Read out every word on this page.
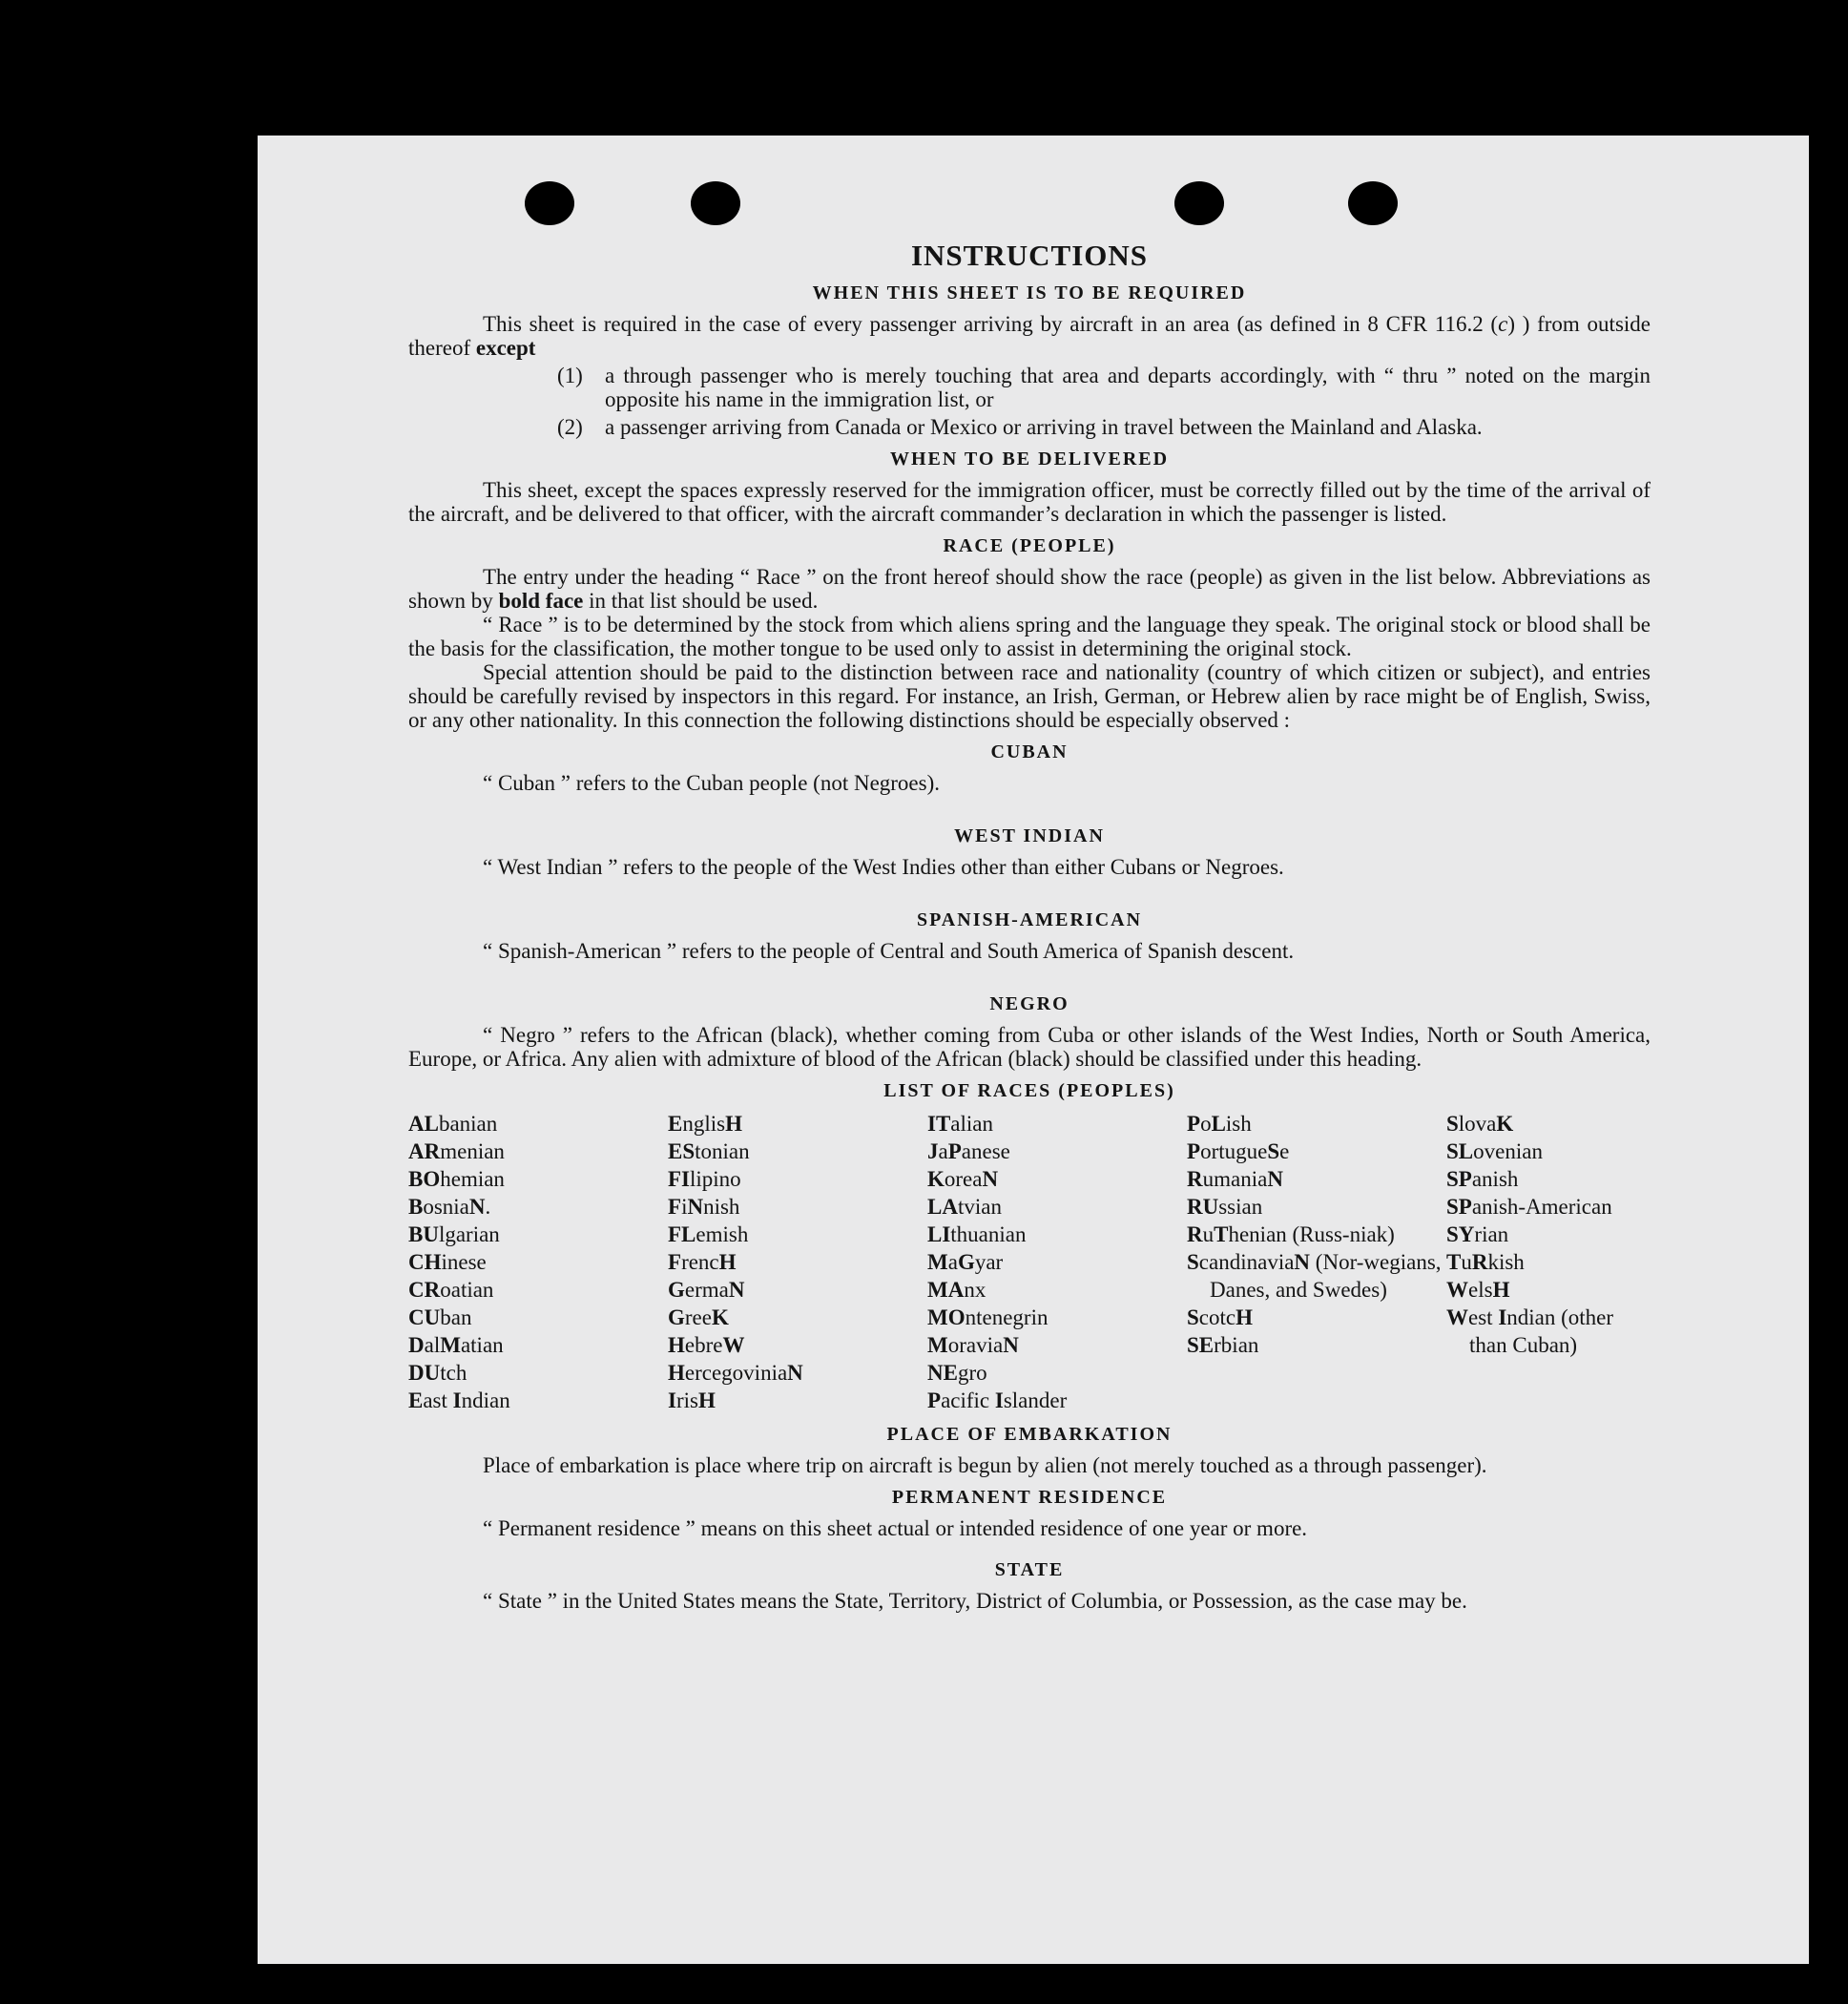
INSTRUCTIONS
WHEN THIS SHEET IS TO BE REQUIRED

This sheet is required in the case of every passenger arriving by aircraft in an area (as defined in 8 CFR 116.2 (c) ) from outside thereof except

(1)	a through passenger who is merely touching that area and departs accordingly, with “ thru ” noted on the margin opposite his name in the immigration list, or
(2)	a passenger arriving from Canada or Mexico or arriving in travel between the Mainland and Alaska.
WHEN TO BE DELIVERED

This sheet, except the spaces expressly reserved for the immigration officer, must be correctly filled out by the time of the arrival of the aircraft, and be delivered to that officer, with the aircraft commander’s declaration in which the passenger is listed.

RACE (PEOPLE)

The entry under the heading “ Race ” on the front hereof should show the race (people) as given in the list below. Abbreviations as shown by bold face in that list should be used.

“ Race ” is to be determined by the stock from which aliens spring and the language they speak. The original stock or blood shall be the basis for the classification, the mother tongue to be used only to assist in determining the original stock.

Special attention should be paid to the distinction between race and nationality (country of which citizen or subject), and entries should be carefully revised by inspectors in this regard. For instance, an Irish, German, or Hebrew alien by race might be of English, Swiss, or any other nationality. In this connection the following distinctions should be especially observed :

CUBAN

“ Cuban ” refers to the Cuban people (not Negroes).

WEST INDIAN

“ West Indian ” refers to the people of the West Indies other than either Cubans or Negroes.

SPANISH-AMERICAN

“ Spanish-American ” refers to the people of Central and South America of Spanish descent.

NEGRO

“ Negro ” refers to the African (black), whether coming from Cuba or other islands of the West Indies, North or South America, Europe, or Africa. Any alien with admixture of blood of the African (black) should be classified under this heading.

LIST OF RACES (PEOPLES)
ALbanian
ARmenian
BOhemian
BosniaN.
BUlgarian
CHinese
CRoatian
CUban
DalMatian
DUtch
East Indian
EnglisH
EStonian
FIlipino
FiNnish
FLemish
FrencH
GermaN
GreeK
HebreW
HercegoviniaN
IrisH
ITalian
JaPanese
KoreaN
LAtvian
LIthuanian
MaGyar
MAnx
MOntenegrin
MoraviaN
NEgro
Pacific Islander
PoLish
PortugueSe
RumaniaN
RUssian
RuThenian (Russ-niak)
ScandinaviaN (Nor-wegians, Danes, and Swedes)
ScotcH
SErbian
SlovaK
SLovenian
SPanish
SPanish-American
SYrian
TuRkish
WelsH
West Indian (other than Cuban)
PLACE OF EMBARKATION

Place of embarkation is place where trip on aircraft is begun by alien (not merely touched as a through passenger).

PERMANENT RESIDENCE

“ Permanent residence ” means on this sheet actual or intended residence of one year or more.

STATE

“ State ” in the United States means the State, Territory, District of Columbia, or Possession, as the case may be.
